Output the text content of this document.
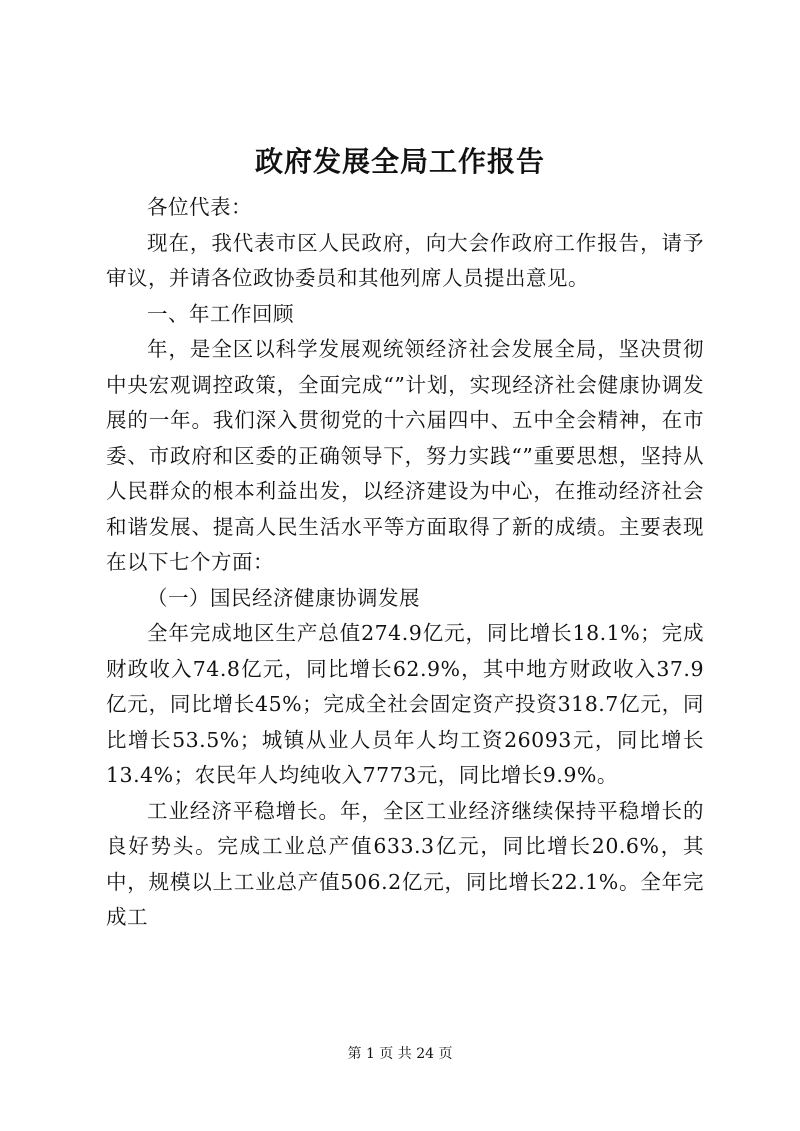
政府发展全局工作报告

各位代表：

现在，我代表市区人民政府，向大会作政府工作报告，请予审议，并请各位政协委员和其他列席人员提出意见。

一、年工作回顾

年，是全区以科学发展观统领经济社会发展全局，坚决贯彻中央宏观调控政策，全面完成“”计划，实现经济社会健康协调发展的一年。我们深入贯彻党的十六届四中、五中全会精神，在市委、市政府和区委的正确领导下，努力实践“”重要思想，坚持从人民群众的根本利益出发，以经济建设为中心，在推动经济社会和谐发展、提高人民生活水平等方面取得了新的成绩。主要表现在以下七个方面：

（一）国民经济健康协调发展

全年完成地区生产总值274.9亿元，同比增长18.1%；完成财政收入74.8亿元，同比增长62.9%，其中地方财政收入37.9亿元，同比增长45%；完成全社会固定资产投资318.7亿元，同比增长53.5%；城镇从业人员年人均工资26093元，同比增长13.4%；农民年人均纯收入7773元，同比增长9.9%。

工业经济平稳增长。年，全区工业经济继续保持平稳增长的良好势头。完成工业总产值633.3亿元，同比增长20.6%，其中，规模以上工业总产值506.2亿元，同比增长22.1%。全年完成工

第 1 页 共 24 页
